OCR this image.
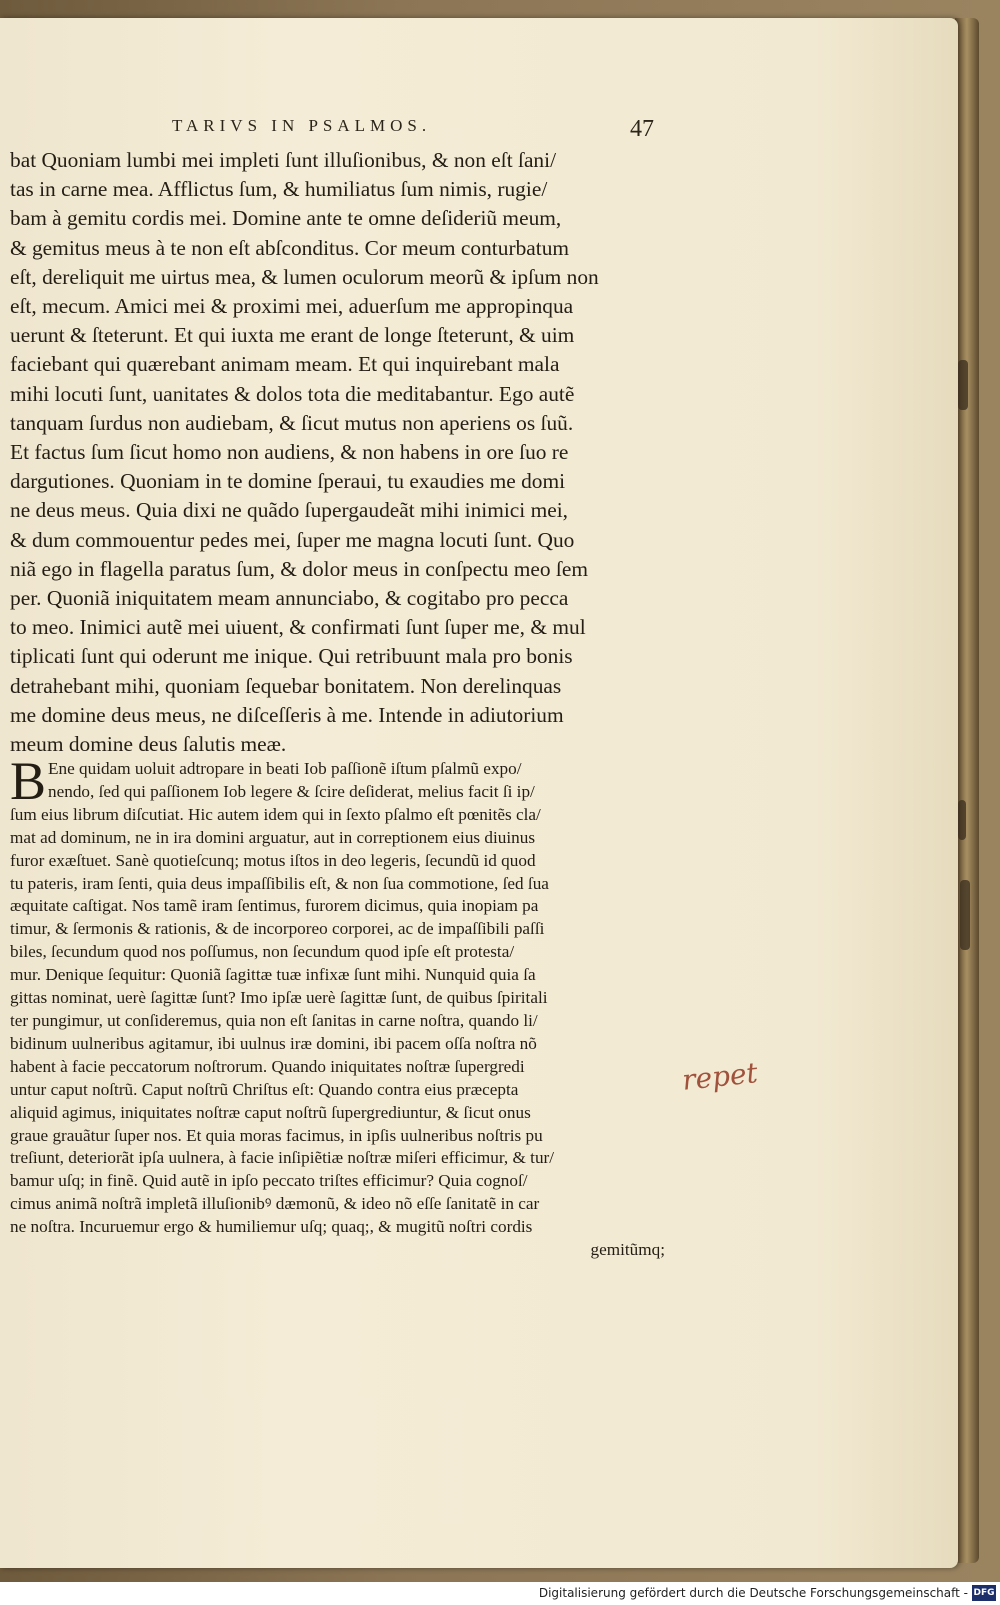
TARIVS IN PSALMOS.	47
bat Quoniam lumbi mei impleti ſunt illuſionibus, & non eſt ſani/
tas in carne mea. Afflictus ſum, & humiliatus ſum nimis, rugie/
bam à gemitu cordis mei. Domine ante te omne deſideriũ meum,
& gemitus meus à te non eſt abſconditus. Cor meum conturbatum
eſt, dereliquit me uirtus mea, & lumen oculorum meorũ & ipſum non
eſt, mecum. Amici mei & proximi mei, aduerſum me appropinqua
uerunt & ſteterunt. Et qui iuxta me erant de longe ſteterunt, & uim
faciebant qui quærebant animam meam. Et qui inquirebant mala
mihi locuti ſunt, uanitates & dolos tota die meditabantur. Ego autẽ
tanquam ſurdus non audiebam, & ſicut mutus non aperiens os ſuũ.
Et factus ſum ſicut homo non audiens, & non habens in ore ſuo re
dargutiones. Quoniam in te domine ſperaui, tu exaudies me domi
ne deus meus. Quia dixi ne quãdo ſupergaudeãt mihi inimici mei,
& dum commouentur pedes mei, ſuper me magna locuti ſunt. Quo
niã ego in flagella paratus ſum, & dolor meus in conſpectu meo ſem
per. Quoniã iniquitatem meam annunciabo, & cogitabo pro pecca
to meo. Inimici autẽ mei uiuent, & confirmati ſunt ſuper me, & mul
tiplicati ſunt qui oderunt me inique. Qui retribuunt mala pro bonis
detrahebant mihi, quoniam ſequebar bonitatem. Non derelinquas
me domine deus meus, ne diſceſſeris à me. Intende in adiutorium
meum domine deus ſalutis meæ.
B Ene quidam uoluit adtropare in beati Iob paſſionẽ iſtum pſalmũ expo/
nendo, ſed qui paſſionem Iob legere & ſcire deſiderat, melius facit ſi ip/
ſum eius librum diſcutiat. Hic autem idem qui in ſexto pſalmo eſt pœnitẽs cla/
mat ad dominum, ne in ira domini arguatur, aut in correptionem eius diuinus
furor exæſtuet. Sanè quotieſcunq; motus iſtos in deo legeris, ſecundũ id quod
tu pateris, iram ſenti, quia deus impaſſibilis eſt, & non ſua commotione, ſed ſua
æquitate caſtigat. Nos tamẽ iram ſentimus, furorem dicimus, quia inopiam pa
timur, & ſermonis & rationis, & de incorporeo corporei, ac de impaſſibili paſſi
biles, ſecundum quod nos poſſumus, non ſecundum quod ipſe eſt protesta/
mur. Denique ſequitur: Quoniã ſagittæ tuæ infixæ ſunt mihi. Nunquid quia ſa
gittas nominat, uerè ſagittæ ſunt? Imo ipſæ uerè ſagittæ ſunt, de quibus ſpiritali
ter pungimur, ut conſideremus, quia non eſt ſanitas in carne noſtra, quando li/
bidinum uulneribus agitamur, ibi uulnus iræ domini, ibi pacem oſſa noſtra nõ
habent à facie peccatorum noſtrorum. Quando iniquitates noſtræ ſupergredi
untur caput noſtrũ. Caput noſtrũ Chriſtus eſt: Quando contra eius præcepta
aliquid agimus, iniquitates noſtræ caput noſtrũ ſupergrediuntur, & ſicut onus
graue grauãtur ſuper nos. Et quia moras facimus, in ipſis uulneribus noſtris pu
treſiunt, deteriorãt ipſa uulnera, à facie inſipiẽtiæ noſtræ miſeri efficimur, & tur/
bamur uſq; in finẽ. Quid autẽ in ipſo peccato triſtes efficimur? Quia cognoſ/
cimus animã noſtrã impletã illuſionibꝰ dæmonũ, & ideo nõ eſſe ſanitatẽ in car
ne noſtra. Incuruemur ergo & humiliemur uſq; quaq;, & mugitũ noſtri cordis
gemitũmq;
repet
Digitalisierung gefördert durch die Deutsche Forschungsgemeinschaft - DFG
